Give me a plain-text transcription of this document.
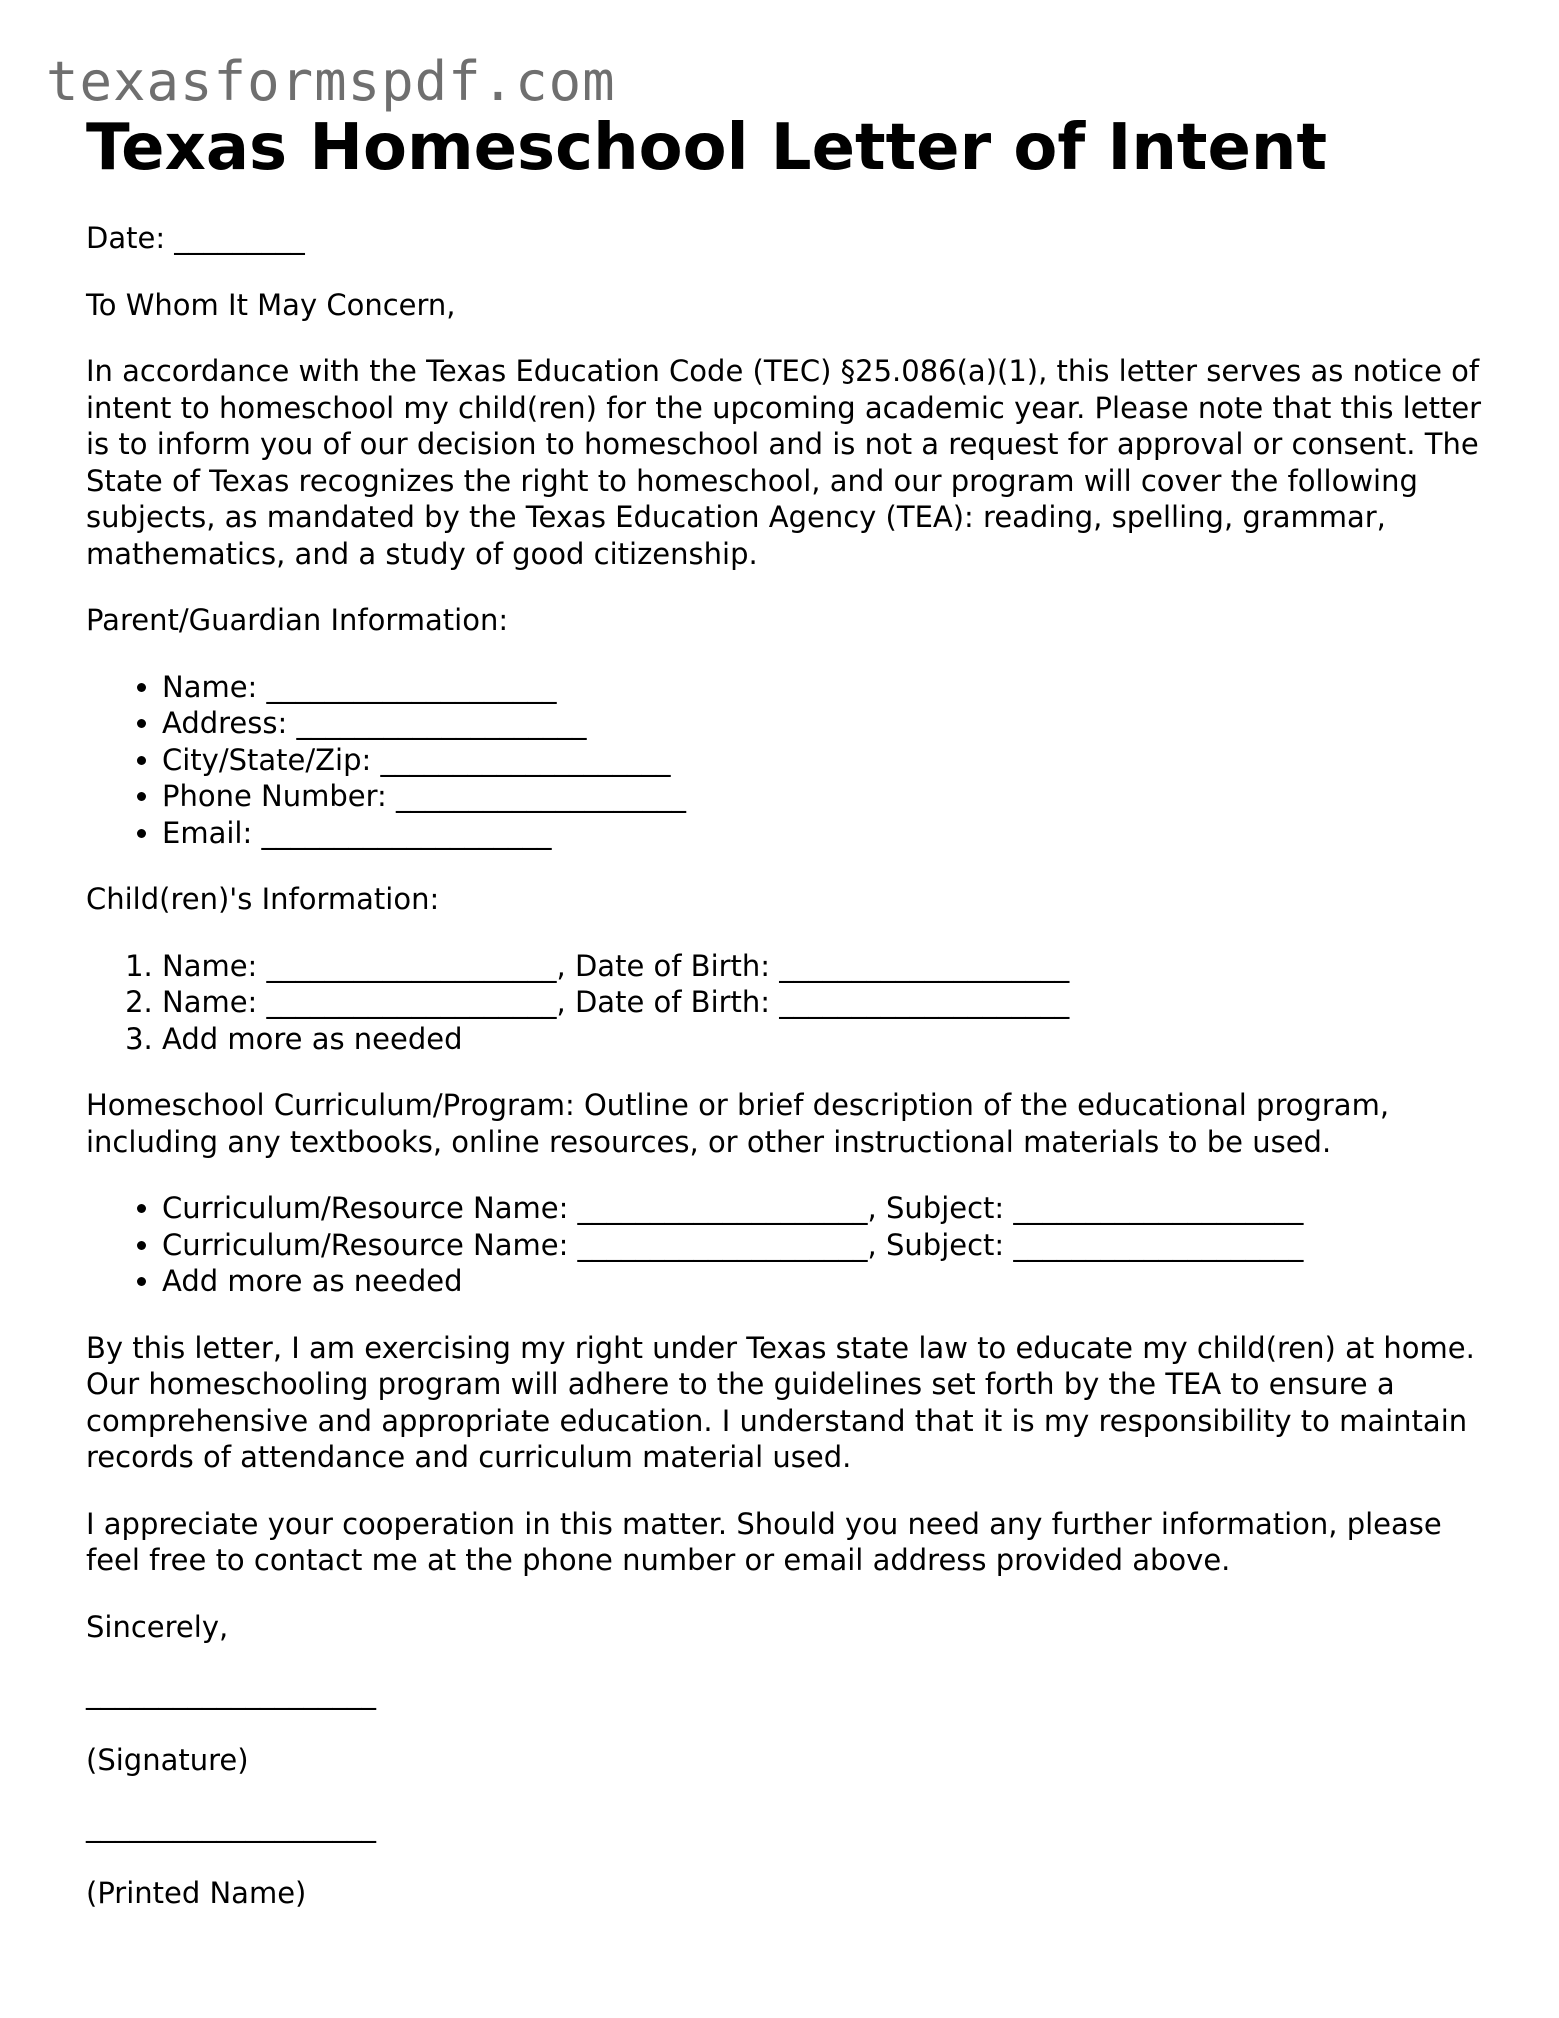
texasformspdf.com
Texas Homeschool Letter of Intent

Date: _________

To Whom It May Concern,

In accordance with the Texas Education Code (TEC) §25.086(a)(1), this letter serves as notice of intent to homeschool my child(ren) for the upcoming academic year. Please note that this letter is to inform you of our decision to homeschool and is not a request for approval or consent. The State of Texas recognizes the right to homeschool, and our program will cover the following subjects, as mandated by the Texas Education Agency (TEA): reading, spelling, grammar, mathematics, and a study of good citizenship.

Parent/Guardian Information:

• Name: ____________________
• Address: ____________________
• City/State/Zip: ____________________
• Phone Number: ____________________
• Email: ____________________

Child(ren)'s Information:

1. Name: ____________________, Date of Birth: ____________________
2. Name: ____________________, Date of Birth: ____________________
3. Add more as needed

Homeschool Curriculum/Program: Outline or brief description of the educational program, including any textbooks, online resources, or other instructional materials to be used.

• Curriculum/Resource Name: ____________________, Subject: ____________________
• Curriculum/Resource Name: ____________________, Subject: ____________________
• Add more as needed

By this letter, I am exercising my right under Texas state law to educate my child(ren) at home. Our homeschooling program will adhere to the guidelines set forth by the TEA to ensure a comprehensive and appropriate education. I understand that it is my responsibility to maintain records of attendance and curriculum material used.

I appreciate your cooperation in this matter. Should you need any further information, please feel free to contact me at the phone number or email address provided above.

Sincerely,

____________________

(Signature)

____________________

(Printed Name)
